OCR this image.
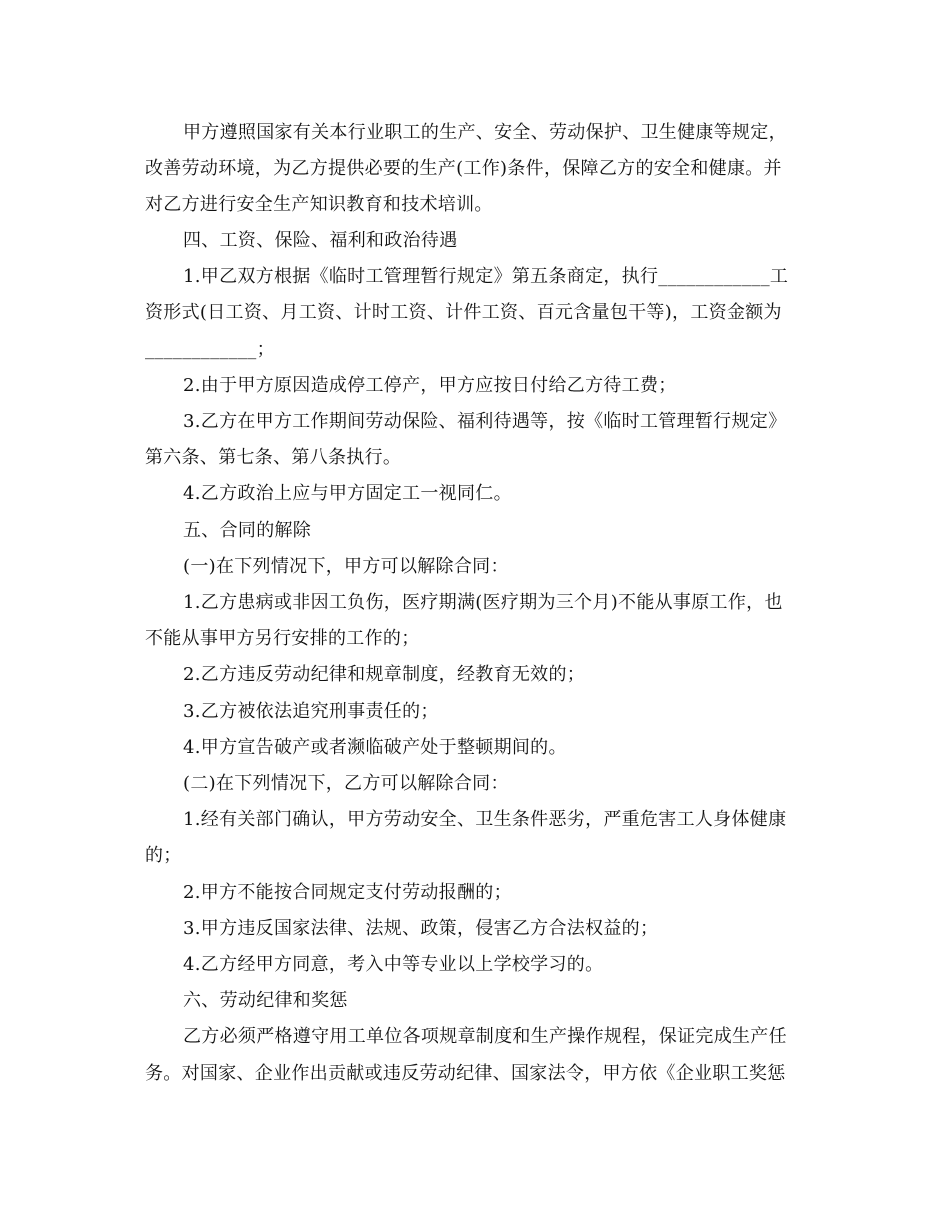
甲方遵照国家有关本行业职工的生产、安全、劳动保护、卫生健康等规定，
改善劳动环境，为乙方提供必要的生产(工作)条件，保障乙方的安全和健康。并
对乙方进行安全生产知识教育和技术培训。
四、工资、保险、福利和政治待遇
1.甲乙双方根据《临时工管理暂行规定》第五条商定，执行____________工
资形式(日工资、月工资、计时工资、计件工资、百元含量包干等)，工资金额为
____________；
2.由于甲方原因造成停工停产，甲方应按日付给乙方待工费；
3.乙方在甲方工作期间劳动保险、福利待遇等，按《临时工管理暂行规定》
第六条、第七条、第八条执行。
4.乙方政治上应与甲方固定工一视同仁。
五、合同的解除
(一)在下列情况下，甲方可以解除合同：
1.乙方患病或非因工负伤，医疗期满(医疗期为三个月)不能从事原工作，也
不能从事甲方另行安排的工作的；
2.乙方违反劳动纪律和规章制度，经教育无效的；
3.乙方被依法追究刑事责任的；
4.甲方宣告破产或者濒临破产处于整顿期间的。
(二)在下列情况下，乙方可以解除合同：
1.经有关部门确认，甲方劳动安全、卫生条件恶劣，严重危害工人身体健康
的；
2.甲方不能按合同规定支付劳动报酬的；
3.甲方违反国家法律、法规、政策，侵害乙方合法权益的；
4.乙方经甲方同意，考入中等专业以上学校学习的。
六、劳动纪律和奖惩
乙方必须严格遵守用工单位各项规章制度和生产操作规程，保证完成生产任
务。对国家、企业作出贡献或违反劳动纪律、国家法令，甲方依《企业职工奖惩
